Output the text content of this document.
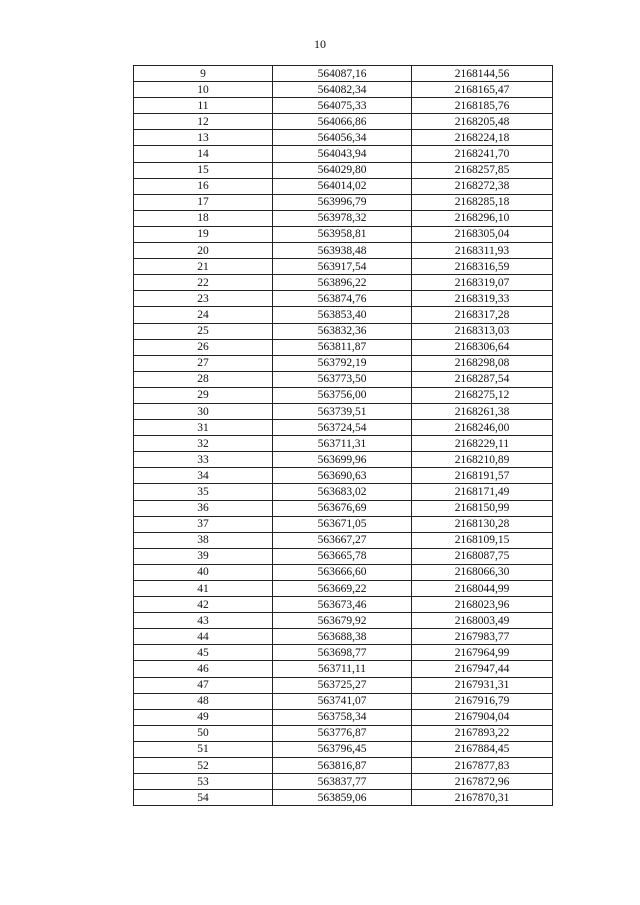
10
9	564087,16	2168144,56
10	564082,34	2168165,47
11	564075,33	2168185,76
12	564066,86	2168205,48
13	564056,34	2168224,18
14	564043,94	2168241,70
15	564029,80	2168257,85
16	564014,02	2168272,38
17	563996,79	2168285,18
18	563978,32	2168296,10
19	563958,81	2168305,04
20	563938,48	2168311,93
21	563917,54	2168316,59
22	563896,22	2168319,07
23	563874,76	2168319,33
24	563853,40	2168317,28
25	563832,36	2168313,03
26	563811,87	2168306,64
27	563792,19	2168298,08
28	563773,50	2168287,54
29	563756,00	2168275,12
30	563739,51	2168261,38
31	563724,54	2168246,00
32	563711,31	2168229,11
33	563699,96	2168210,89
34	563690,63	2168191,57
35	563683,02	2168171,49
36	563676,69	2168150,99
37	563671,05	2168130,28
38	563667,27	2168109,15
39	563665,78	2168087,75
40	563666,60	2168066,30
41	563669,22	2168044,99
42	563673,46	2168023,96
43	563679,92	2168003,49
44	563688,38	2167983,77
45	563698,77	2167964,99
46	563711,11	2167947,44
47	563725,27	2167931,31
48	563741,07	2167916,79
49	563758,34	2167904,04
50	563776,87	2167893,22
51	563796,45	2167884,45
52	563816,87	2167877,83
53	563837,77	2167872,96
54	563859,06	2167870,31
